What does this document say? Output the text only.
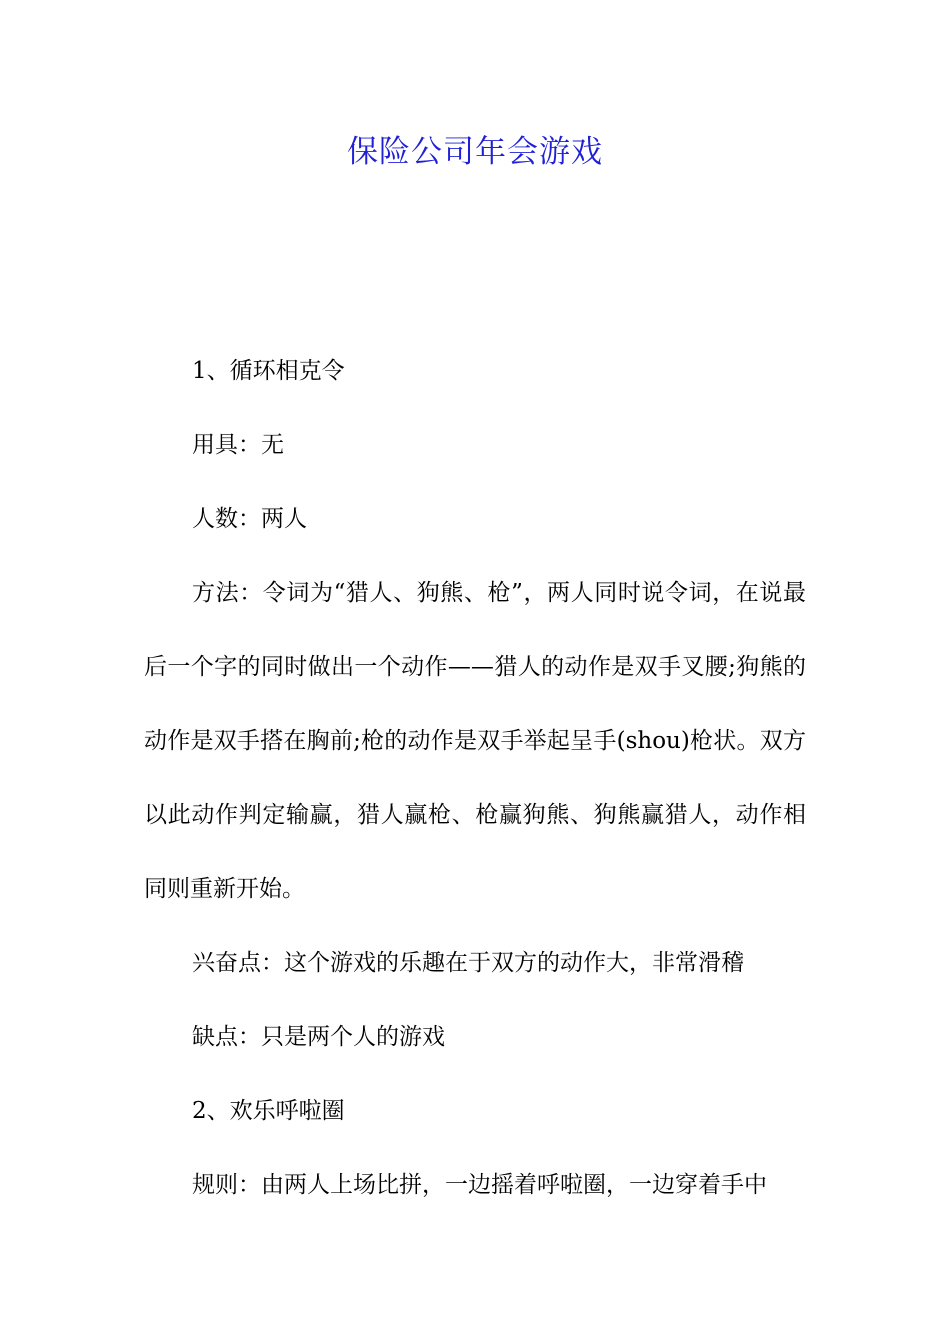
保险公司年会游戏

1、循环相克令

用具：无

人数：两人

方法：令词为“猎人、狗熊、枪”，两人同时说令词，在说最后一个字的同时做出一个动作——猎人的动作是双手叉腰;狗熊的动作是双手搭在胸前;枪的动作是双手举起呈手(shou)枪状。双方以此动作判定输赢，猎人赢枪、枪赢狗熊、狗熊赢猎人，动作相同则重新开始。

兴奋点：这个游戏的乐趣在于双方的动作大，非常滑稽

缺点：只是两个人的游戏

2、欢乐呼啦圈

规则：由两人上场比拼，一边摇着呼啦圈，一边穿着手中
